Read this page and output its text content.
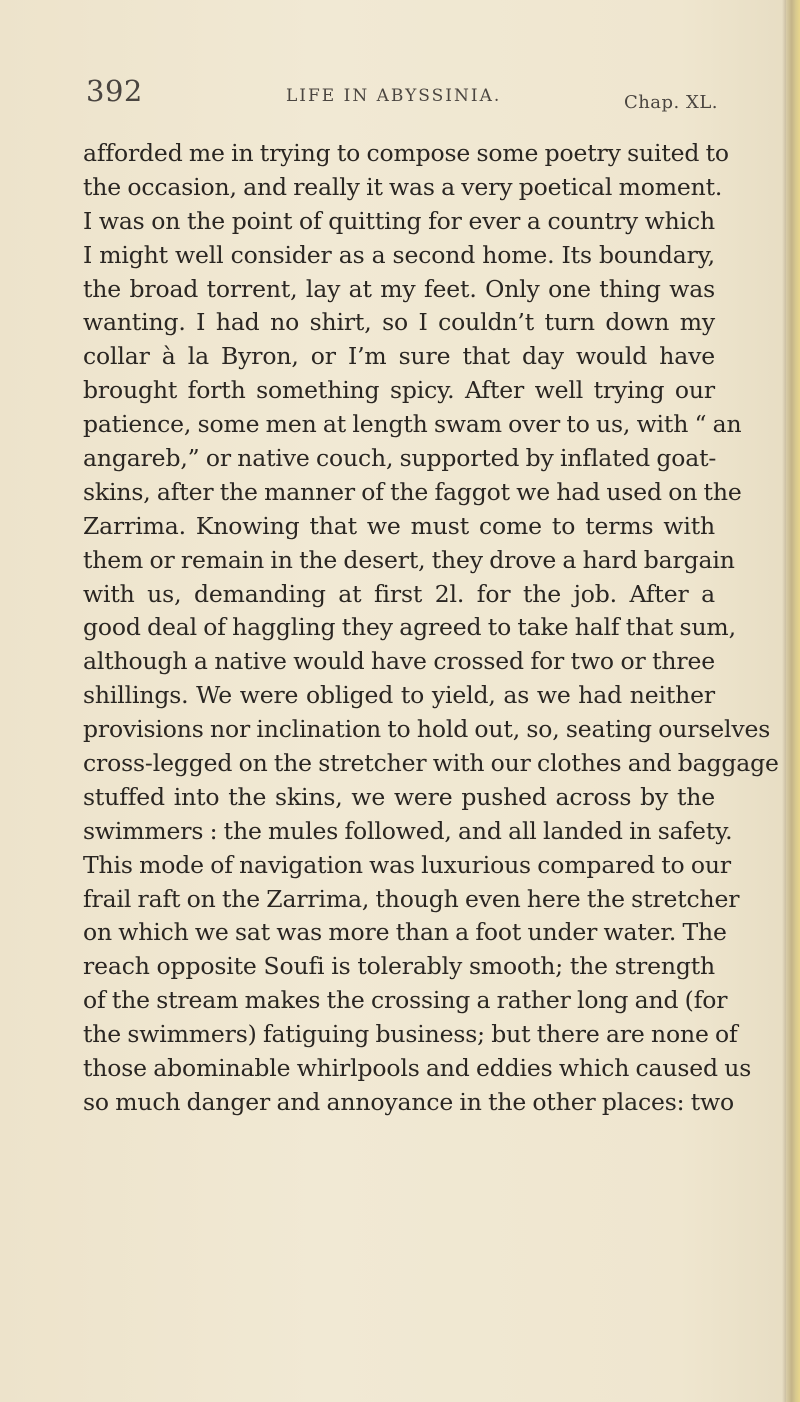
392	LIFE IN ABYSSINIA.	Chap. XL.
afforded me in trying to compose some poetry suited to
the occasion, and really it was a very poetical moment.
I was on the point of quitting for ever a country which
I might well consider as a second home. Its boundary,
the broad torrent, lay at my feet. Only one thing was
wanting. I had no shirt, so I couldn’t turn down my
collar à la Byron, or I’m sure that day would have
brought forth something spicy. After well trying our
patience, some men at length swam over to us, with “ an
angareb,” or native couch, supported by inflated goat-
skins, after the manner of the faggot we had used on the
Zarrima. Knowing that we must come to terms with
them or remain in the desert, they drove a hard bargain
with us, demanding at first 2l. for the job. After a
good deal of haggling they agreed to take half that sum,
although a native would have crossed for two or three
shillings. We were obliged to yield, as we had neither
provisions nor inclination to hold out, so, seating ourselves
cross-legged on the stretcher with our clothes and baggage
stuffed into the skins, we were pushed across by the
swimmers : the mules followed, and all landed in safety.
This mode of navigation was luxurious compared to our
frail raft on the Zarrima, though even here the stretcher
on which we sat was more than a foot under water. The
reach opposite Soufi is tolerably smooth; the strength
of the stream makes the crossing a rather long and (for
the swimmers) fatiguing business; but there are none of
those abominable whirlpools and eddies which caused us
so much danger and annoyance in the other places: two
